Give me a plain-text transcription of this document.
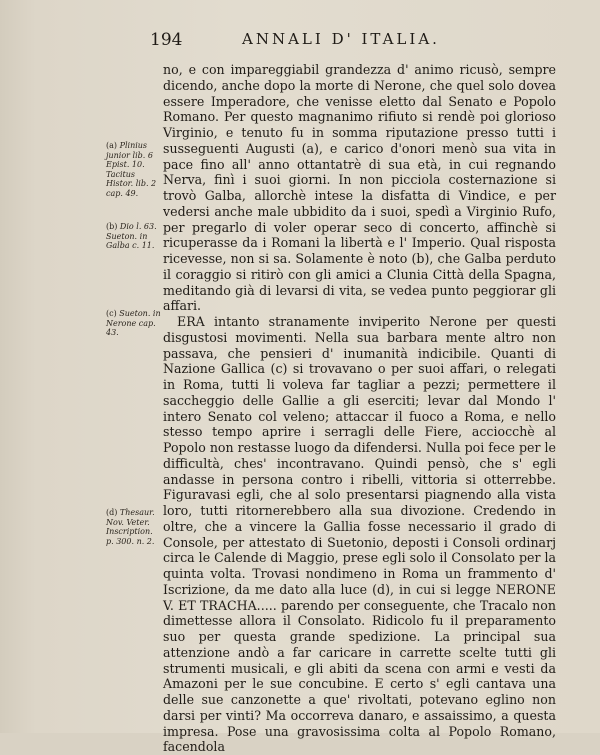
194	ANNALI D' ITALIA.
(a) Plinius junior lib. 6 Epist. 10. Tacitus Histor. lib. 2 cap. 49.
(b) Dio l. 63. Sueton. in Galba c. 11.
(c) Sueton. in Nerone cap. 43.
(d) Thesaur. Nov. Veter. Inscription. p. 300. n. 2.

no, e con impareggiabil grandezza d' animo ricusò, sempre dicendo, anche dopo la morte di Nerone, che quel solo dovea essere Imperadore, che venisse eletto dal Senato e Popolo Romano. Per questo magnanimo rifiuto si rendè poi glorioso Virginio, e tenuto fu in somma riputazione presso tutti i susseguenti Augusti (a), e carico d'onori menò sua vita in pace fino all' anno ottantatrè di sua età, in cui regnando Nerva, finì i suoi giorni. In non picciola costernazione si trovò Galba, allorchè intese la disfatta di Vindice, e per vedersi anche male ubbidito da i suoi, spedì a Virginio Rufo, per pregarlo di voler operar seco di concerto, affinchè si ricuperasse da i Romani la libertà e l' Imperio. Qual risposta ricevesse, non si sa. Solamente è noto (b), che Galba perduto il coraggio si ritirò con gli amici a Clunia Città della Spagna, meditando già di levarsi di vita, se vedea punto peggiorar gli affari.

ERA intanto stranamente inviperito Nerone per questi disgustosi movimenti. Nella sua barbara mente altro non passava, che pensieri d' inumanità indicibile. Quanti di Nazione Gallica (c) si trovavano o per suoi affari, o relegati in Roma, tutti li voleva far tagliar a pezzi; permettere il saccheggio delle Gallie a gli eserciti; levar dal Mondo l' intero Senato col veleno; attaccar il fuoco a Roma, e nello stesso tempo aprire i serragli delle Fiere, acciocchè al Popolo non restasse luogo da difendersi. Nulla poi fece per le difficultà, ches' incontravano. Quindi pensò, che s' egli andasse in persona contro i ribelli, vittoria si otterrebbe. Figuravasi egli, che al solo presentarsi piagnendo alla vista loro, tutti ritornerebbero alla sua divozione. Credendo in oltre, che a vincere la Gallia fosse necessario il grado di Console, per attestato di Suetonio, deposti i Consoli ordinarj circa le Calende di Maggio, prese egli solo il Consolato per la quinta volta. Trovasi nondimeno in Roma un frammento d' Iscrizione, da me dato alla luce (d), in cui si legge NERONE V. ET TRACHA..... parendo per conseguente, che Tracalo non dimettesse allora il Consolato. Ridicolo fu il preparamento suo per questa grande spedizione. La principal sua attenzione andò a far caricare in carrette scelte tutti gli strumenti musicali, e gli abiti da scena con armi e vesti da Amazoni per le sue concubine. E certo s' egli cantava una delle sue canzonette a que' rivoltati, potevano eglino non darsi per vinti? Ma occorreva danaro, e assaissimo, a questa impresa. Pose una gravosissima colta al Popolo Romano, facendola
